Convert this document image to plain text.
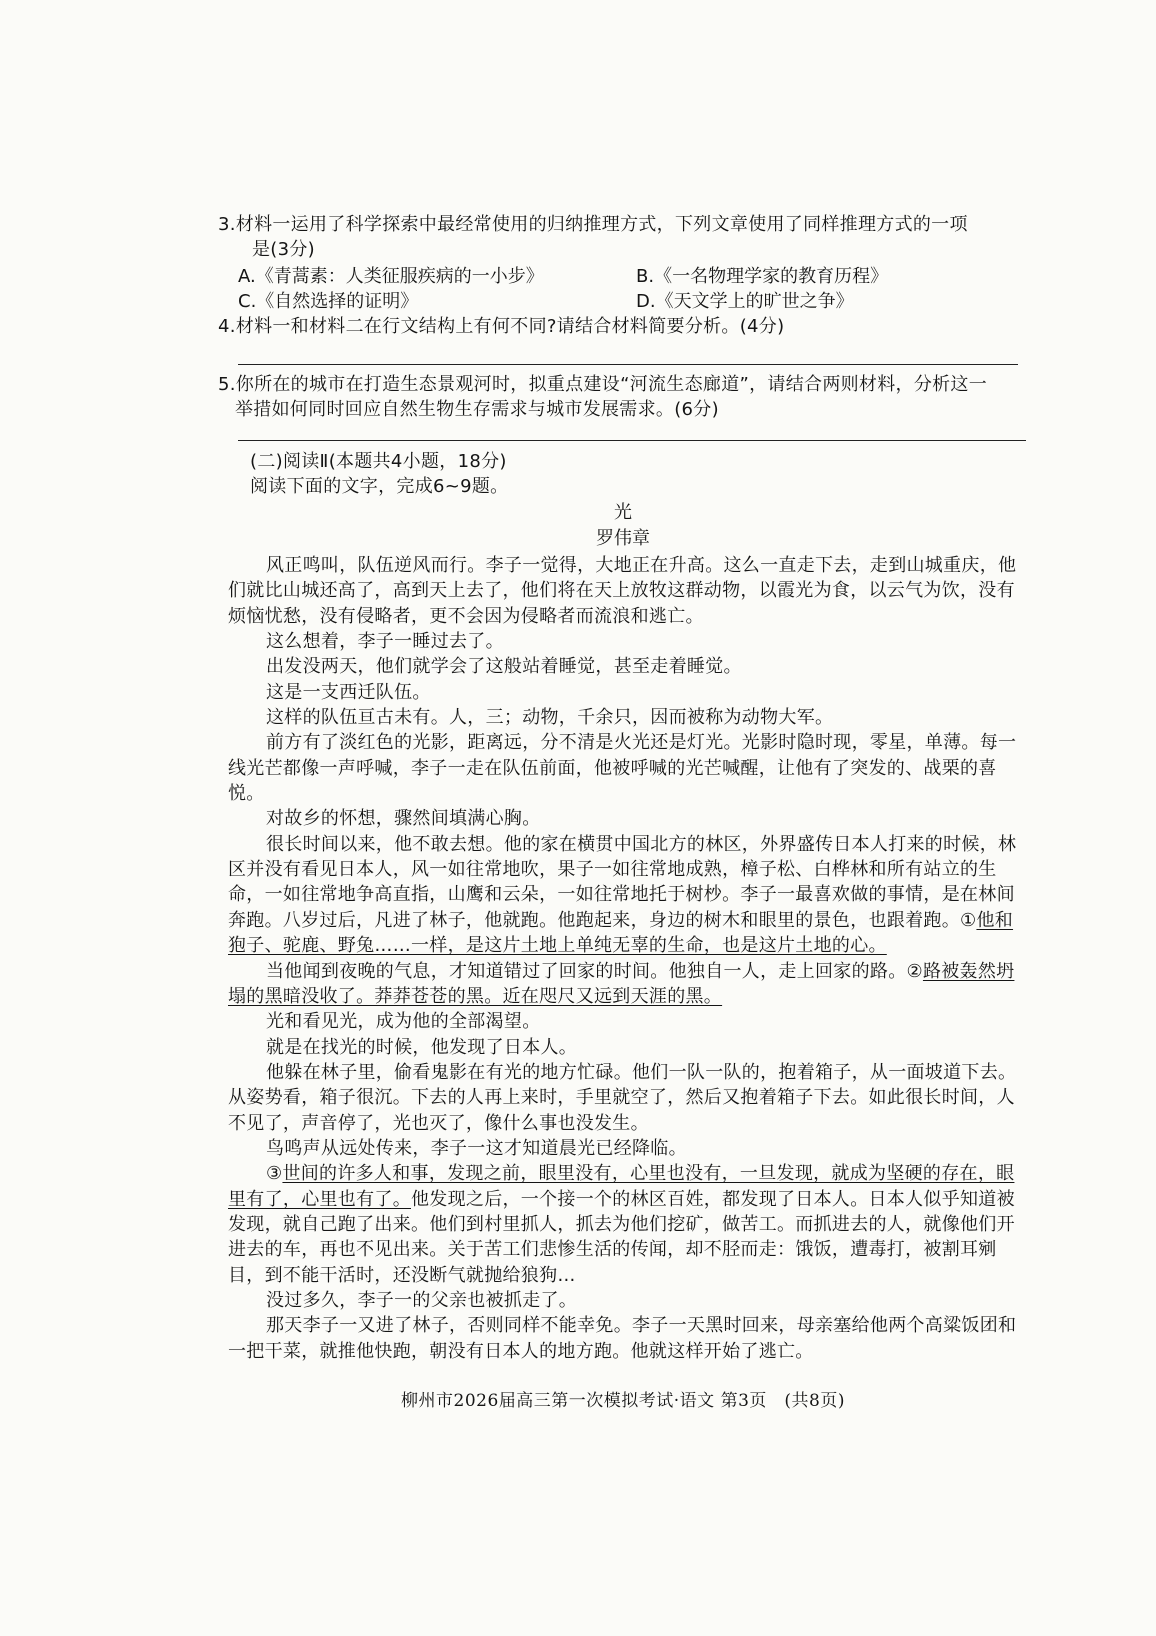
3.材料一运用了科学探索中最经常使用的归纳推理方式，下列文章使用了同样推理方式的一项
是(3分)
A.《青蒿素：人类征服疾病的一小步》	B.《一名物理学家的教育历程》
C.《自然选择的证明》	D.《天文学上的旷世之争》
4.材料一和材料二在行文结构上有何不同?请结合材料简要分析。(4分)
5.你所在的城市在打造生态景观河时，拟重点建设“河流生态廊道”，请结合两则材料，分析这一
举措如何同时回应自然生物生存需求与城市发展需求。(6分)
(二)阅读Ⅱ(本题共4小题，18分)
阅读下面的文字，完成6~9题。
光
罗伟章

风正鸣叫，队伍逆风而行。李子一觉得，大地正在升高。这么一直走下去，走到山城重庆，他们就比山城还高了，高到天上去了，他们将在天上放牧这群动物，以霞光为食，以云气为饮，没有烦恼忧愁，没有侵略者，更不会因为侵略者而流浪和逃亡。

这么想着，李子一睡过去了。

出发没两天，他们就学会了这般站着睡觉，甚至走着睡觉。

这是一支西迁队伍。

这样的队伍亘古未有。人，三；动物，千余只，因而被称为动物大军。

前方有了淡红色的光影，距离远，分不清是火光还是灯光。光影时隐时现，零星，单薄。每一线光芒都像一声呼喊，李子一走在队伍前面，他被呼喊的光芒喊醒，让他有了突发的、战栗的喜悦。

对故乡的怀想，骤然间填满心胸。

很长时间以来，他不敢去想。他的家在横贯中国北方的林区，外界盛传日本人打来的时候，林区并没有看见日本人，风一如往常地吹，果子一如往常地成熟，樟子松、白桦林和所有站立的生命，一如往常地争高直指，山鹰和云朵，一如往常地托于树杪。李子一最喜欢做的事情，是在林间奔跑。八岁过后，凡进了林子，他就跑。他跑起来，身边的树木和眼里的景色，也跟着跑。①他和狍子、驼鹿、野兔……一样，是这片土地上单纯无辜的生命，也是这片土地的心。

当他闻到夜晚的气息，才知道错过了回家的时间。他独自一人，走上回家的路。②路被轰然坍塌的黑暗没收了。莽莽苍苍的黑。近在咫尺又远到天涯的黑。

光和看见光，成为他的全部渴望。

就是在找光的时候，他发现了日本人。

他躲在林子里，偷看鬼影在有光的地方忙碌。他们一队一队的，抱着箱子，从一面坡道下去。从姿势看，箱子很沉。下去的人再上来时，手里就空了，然后又抱着箱子下去。如此很长时间，人不见了，声音停了，光也灭了，像什么事也没发生。

鸟鸣声从远处传来，李子一这才知道晨光已经降临。

③世间的许多人和事，发现之前，眼里没有，心里也没有，一旦发现，就成为坚硬的存在，眼里有了，心里也有了。他发现之后，一个接一个的林区百姓，都发现了日本人。日本人似乎知道被发现，就自己跑了出来。他们到村里抓人，抓去为他们挖矿，做苦工。而抓进去的人，就像他们开进去的车，再也不见出来。关于苦工们悲惨生活的传闻，却不胫而走：饿饭，遭毒打，被割耳剜目，到不能干活时，还没断气就抛给狼狗…

没过多久，李子一的父亲也被抓走了。

那天李子一又进了林子，否则同样不能幸免。李子一天黑时回来，母亲塞给他两个高粱饭团和一把干菜，就推他快跑，朝没有日本人的地方跑。他就这样开始了逃亡。

柳州市2026届高三第一次模拟考试·语文 第3页　(共8页)
